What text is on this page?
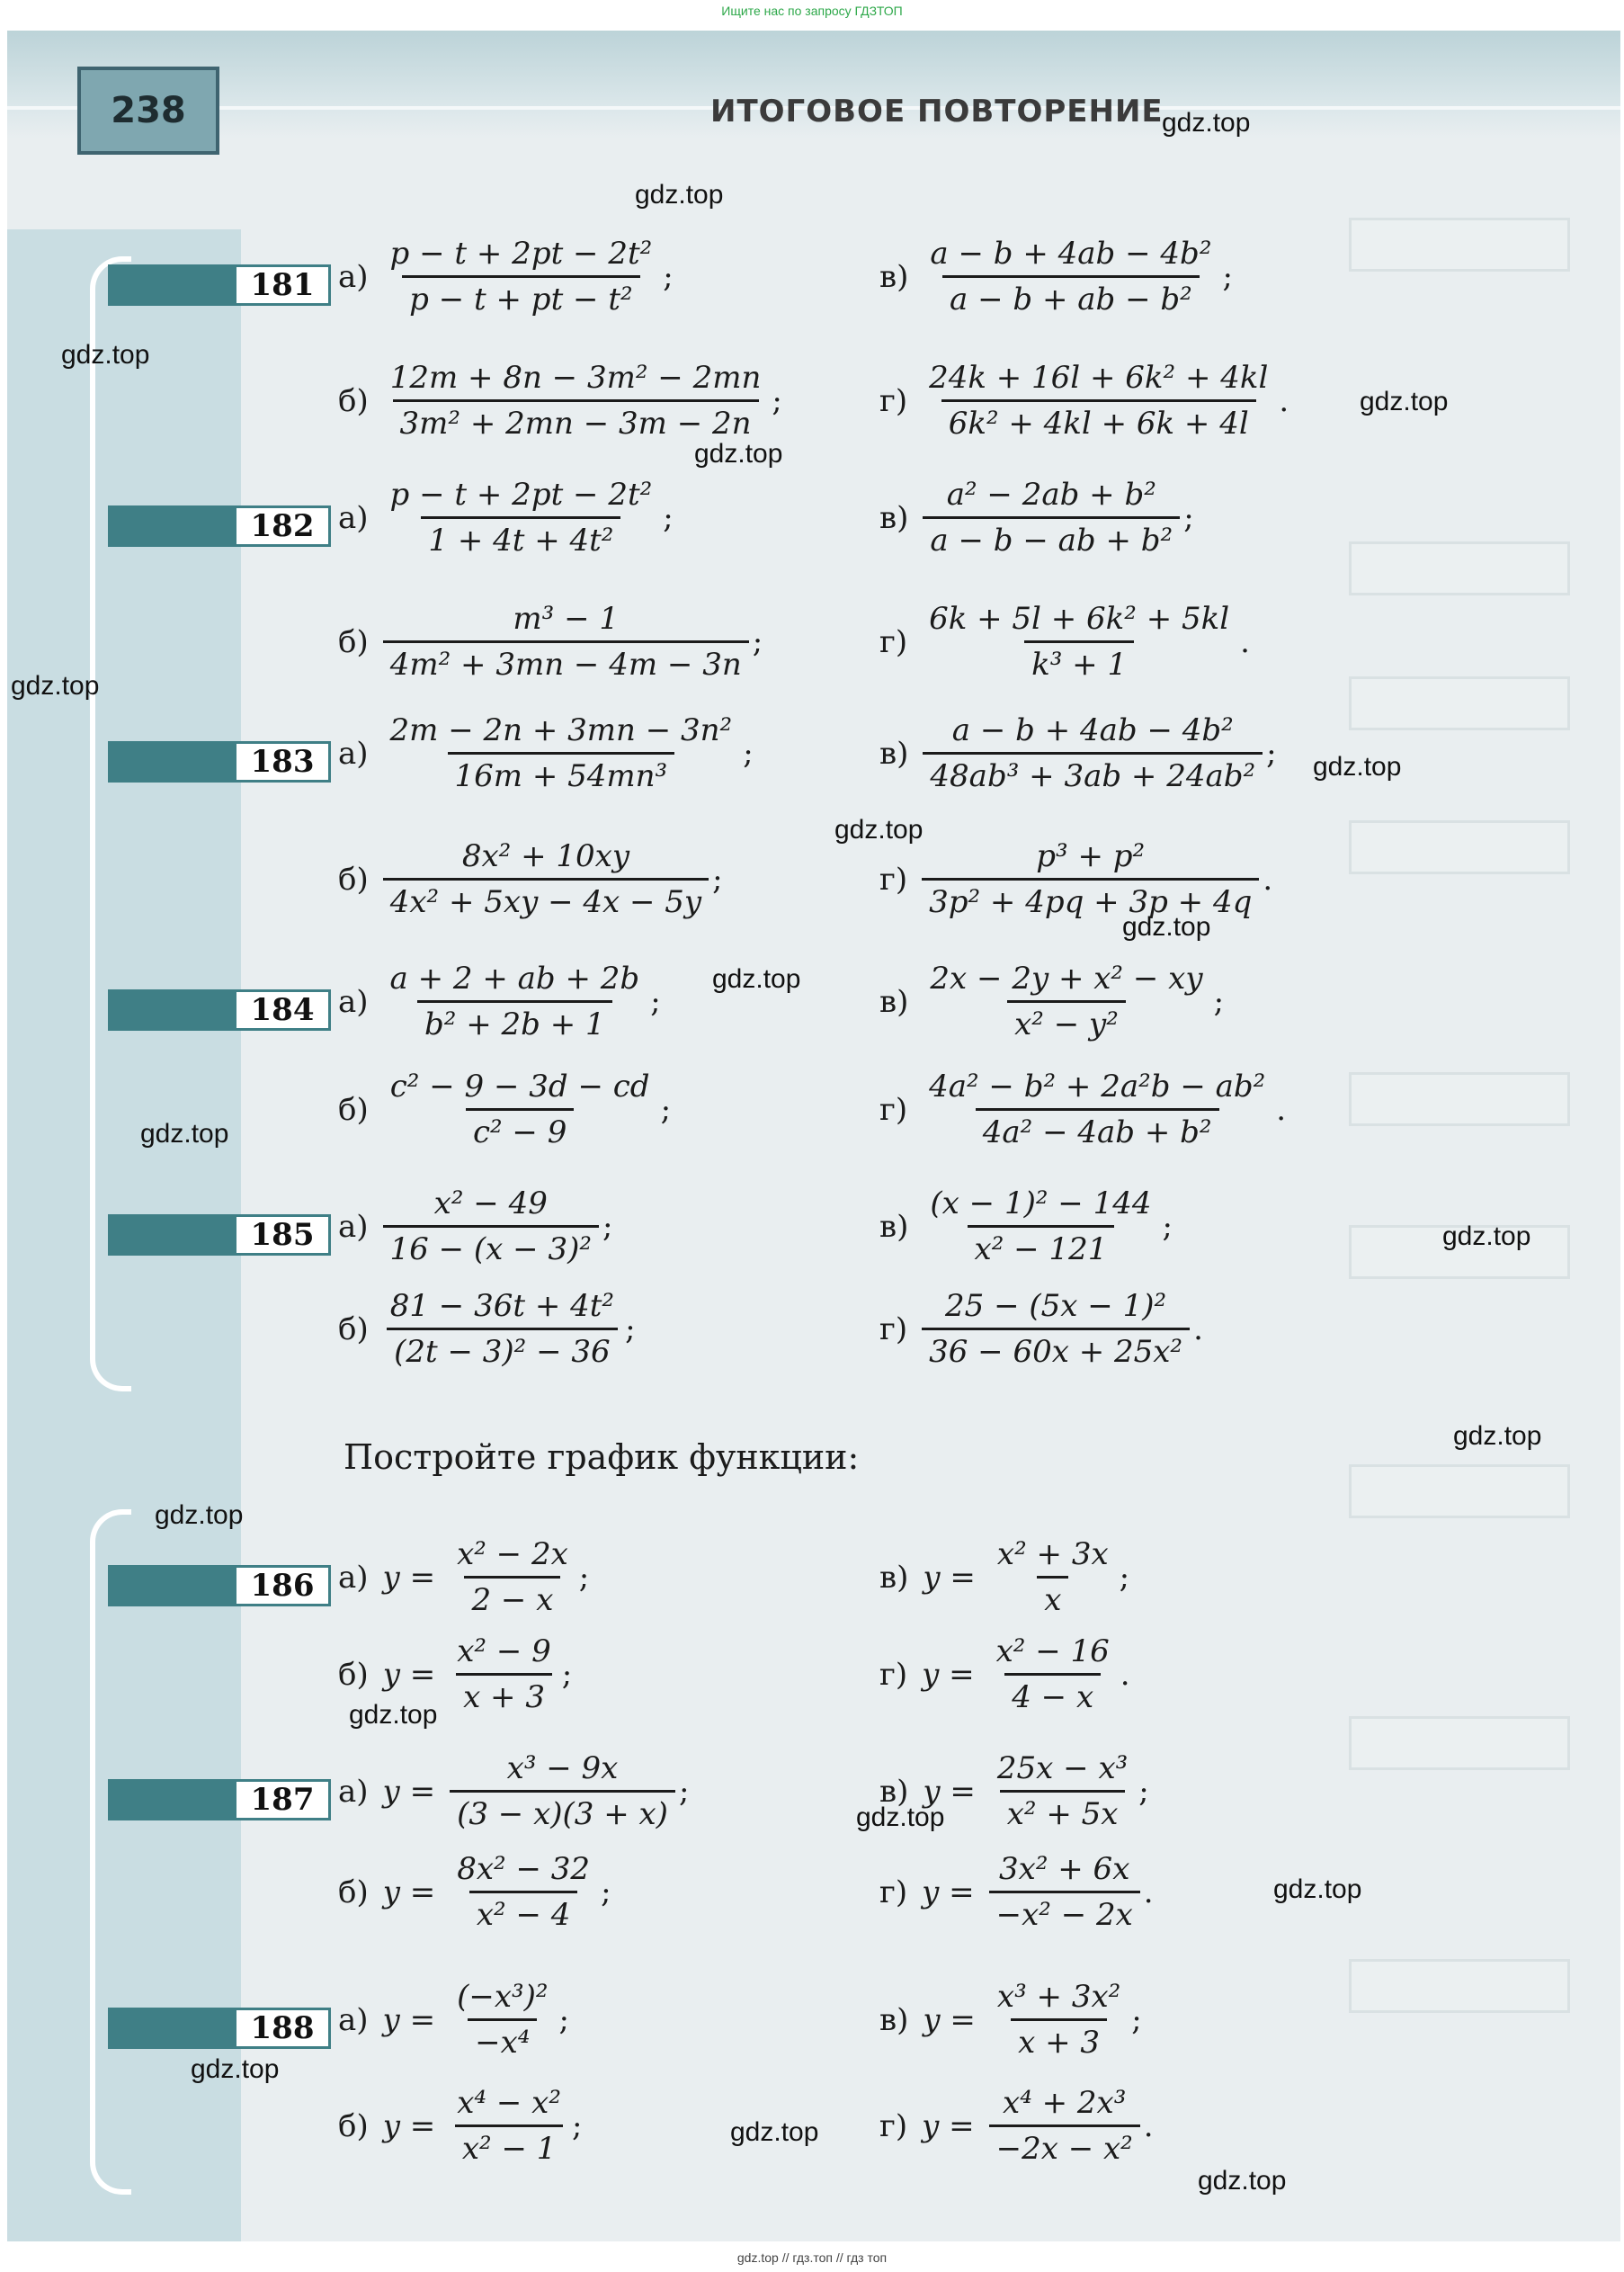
Ищите нас по запросу ГДЗТОП
238	ИТОГОВОЕ ПОВТОРЕНИЕ
181 $а) \frac{\text{p − t + 2pt − 2t²}}{\text{p − t + pt − t²}}$ ;	$в) \frac{\text{a − b + 4ab − 4b²}}{\text{a − b + ab − b²}}$ ;
$б) \frac{\text{12m + 8n − 3m² − 2mn}}{\text{3m² + 2mn − 3m − 2n}}$ ;	$г) \frac{\text{24k + 16l + 6k² + 4kl}}{\text{6k² + 4kl + 6k + 4l}}$ .
182 $а) \frac{\text{p − t + 2pt − 2t²}}{\text{1 + 4t + 4t²}}$ ;	$в) \frac{\text{a² − 2ab + b²}}{\text{a − b − ab + b²}}$ ;
$б) \frac{\text{m³ − 1}}{\text{4m² + 3mn − 4m − 3n}}$ ;	$г) \frac{\text{6k + 5l + 6k² + 5kl}}{\text{k³ + 1}}$ .
183 $а) \frac{\text{2m − 2n + 3mn − 3n²}}{\text{16m + 54mn³}}$ ;	$в) \frac{\text{a − b + 4ab − 4b²}}{\text{48ab³ + 3ab + 24ab²}}$ ;
$б) \frac{\text{8x² + 10xy}}{\text{4x² + 5xy − 4x − 5y}}$ ;	$г) \frac{\text{p³ + p²}}{\text{3p² + 4pq + 3p + 4q}}$ .
184 $а) \frac{a + 2 + ab + 2b}{\text{b² + 2b + 1}}$ ;	$в) \frac{\text{2x − 2y + x² − xy}}{\text{x² − y²}}$ ;
$б) \frac{\text{c² − 9 − 3d − cd}}{\text{c² − 9}}$ ;	$г) \frac{\text{4a² − b² + 2a²b − ab²}}{\text{4a² − 4ab + b²}}$ .
185 $а) \frac{\text{x² − 49}}{\text{16 − (x − 3)²}}$ ;	$в) \frac{\text{(x − 1)² − 144}}{\text{x² − 121}}$ ;
$б) \frac{\text{81 − 36t + 4t²}}{\text{(2t − 3)² − 36}}$ ;	$г) \frac{\text{25 − (5x − 1)²}}{\text{36 − 60x + 25x²}}$ .
186 а) $y = \frac{\text{x² − 2x}}{2 - x}$ ;	в) $y = \frac{\text{x² + 3x}}{x}$ ;
б) $y = \frac{\text{x² − 9}}{x + 3}$ ;	г) $y = \frac{\text{x² − 16}}{4 - x}$ .
187 а) $y = \frac{\text{x³ − 9x}}{(3 - x)(3 + x)}$ ;	в) $y = \frac{\text{25x − x³}}{\text{x² + 5x}}$ ;
б) $y = \frac{\text{8x² − 32}}{\text{x² − 4}}$ ;	г) $y = \frac{\text{3x² + 6x}}{\text{−x² − 2x}}$ .
188 а) $y = \frac{\text{(−x³)²}}{\text{−x⁴}}$ ;	в) $y = \frac{\text{x³ + 3x²}}{x + 3}$ ;
б) $y = \frac{\text{x⁴ − x²}}{\text{x² − 1}}$ ;	г) $y = \frac{\text{x⁴ + 2x³}}{\text{−2x − x²}}$ .
Постройте график функции:
gdz.top
gdz.top
gdz.top
gdz.top
gdz.top
gdz.top
gdz.top
gdz.top
gdz.top
gdz.top
gdz.top
gdz.top
gdz.top
gdz.top
gdz.top
gdz.top
gdz.top
gdz.top
gdz.top
gdz.top
gdz.top // гдз.топ // гдз топ
